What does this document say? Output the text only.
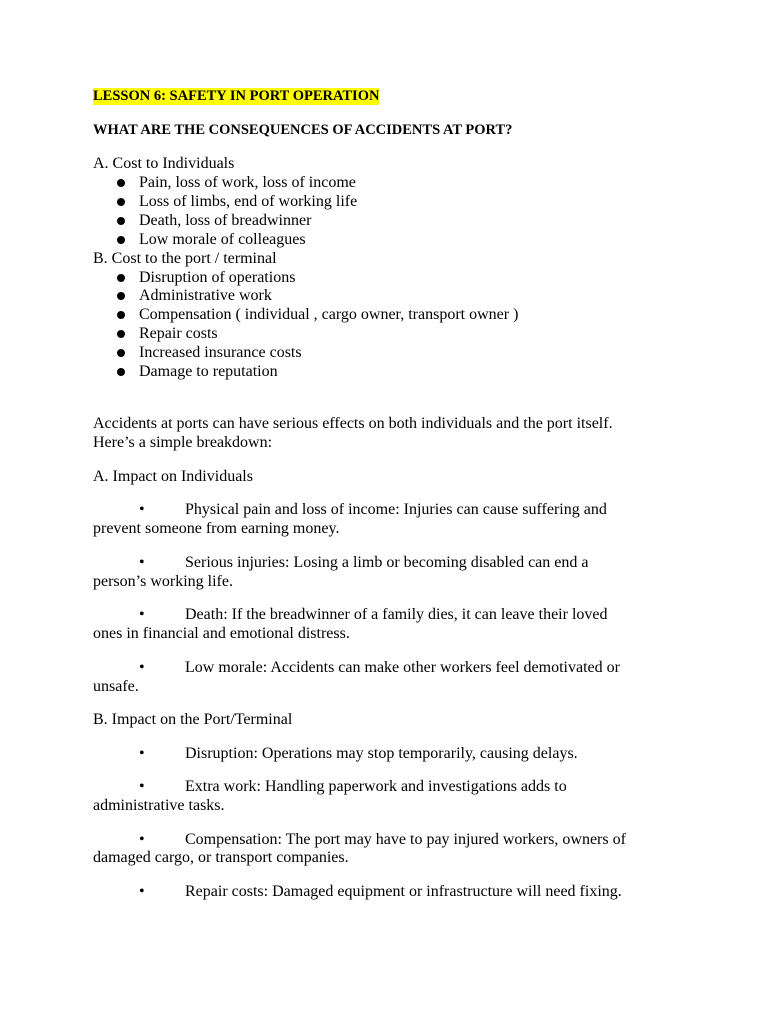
LESSON 6: SAFETY IN PORT OPERATION
WHAT ARE THE CONSEQUENCES OF ACCIDENTS AT PORT?
A. Cost to Individuals
Pain, loss of work, loss of income
Loss of limbs, end of working life
Death, loss of breadwinner
Low morale of colleagues
B. Cost to the port / terminal
Disruption of operations
Administrative work
Compensation ( individual , cargo owner, transport owner )
Repair costs
Increased insurance costs
Damage to reputation
Accidents at ports can have serious effects on both individuals and the port itself.
Here’s a simple breakdown:
A. Impact on Individuals
•	Physical pain and loss of income: Injuries can cause suffering and
prevent someone from earning money.
•	Serious injuries: Losing a limb or becoming disabled can end a
person’s working life.
•	Death: If the breadwinner of a family dies, it can leave their loved
ones in financial and emotional distress.
•	Low morale: Accidents can make other workers feel demotivated or
unsafe.
B. Impact on the Port/Terminal
•	Disruption: Operations may stop temporarily, causing delays.
•	Extra work: Handling paperwork and investigations adds to
administrative tasks.
•	Compensation: The port may have to pay injured workers, owners of
damaged cargo, or transport companies.
•	Repair costs: Damaged equipment or infrastructure will need fixing.
